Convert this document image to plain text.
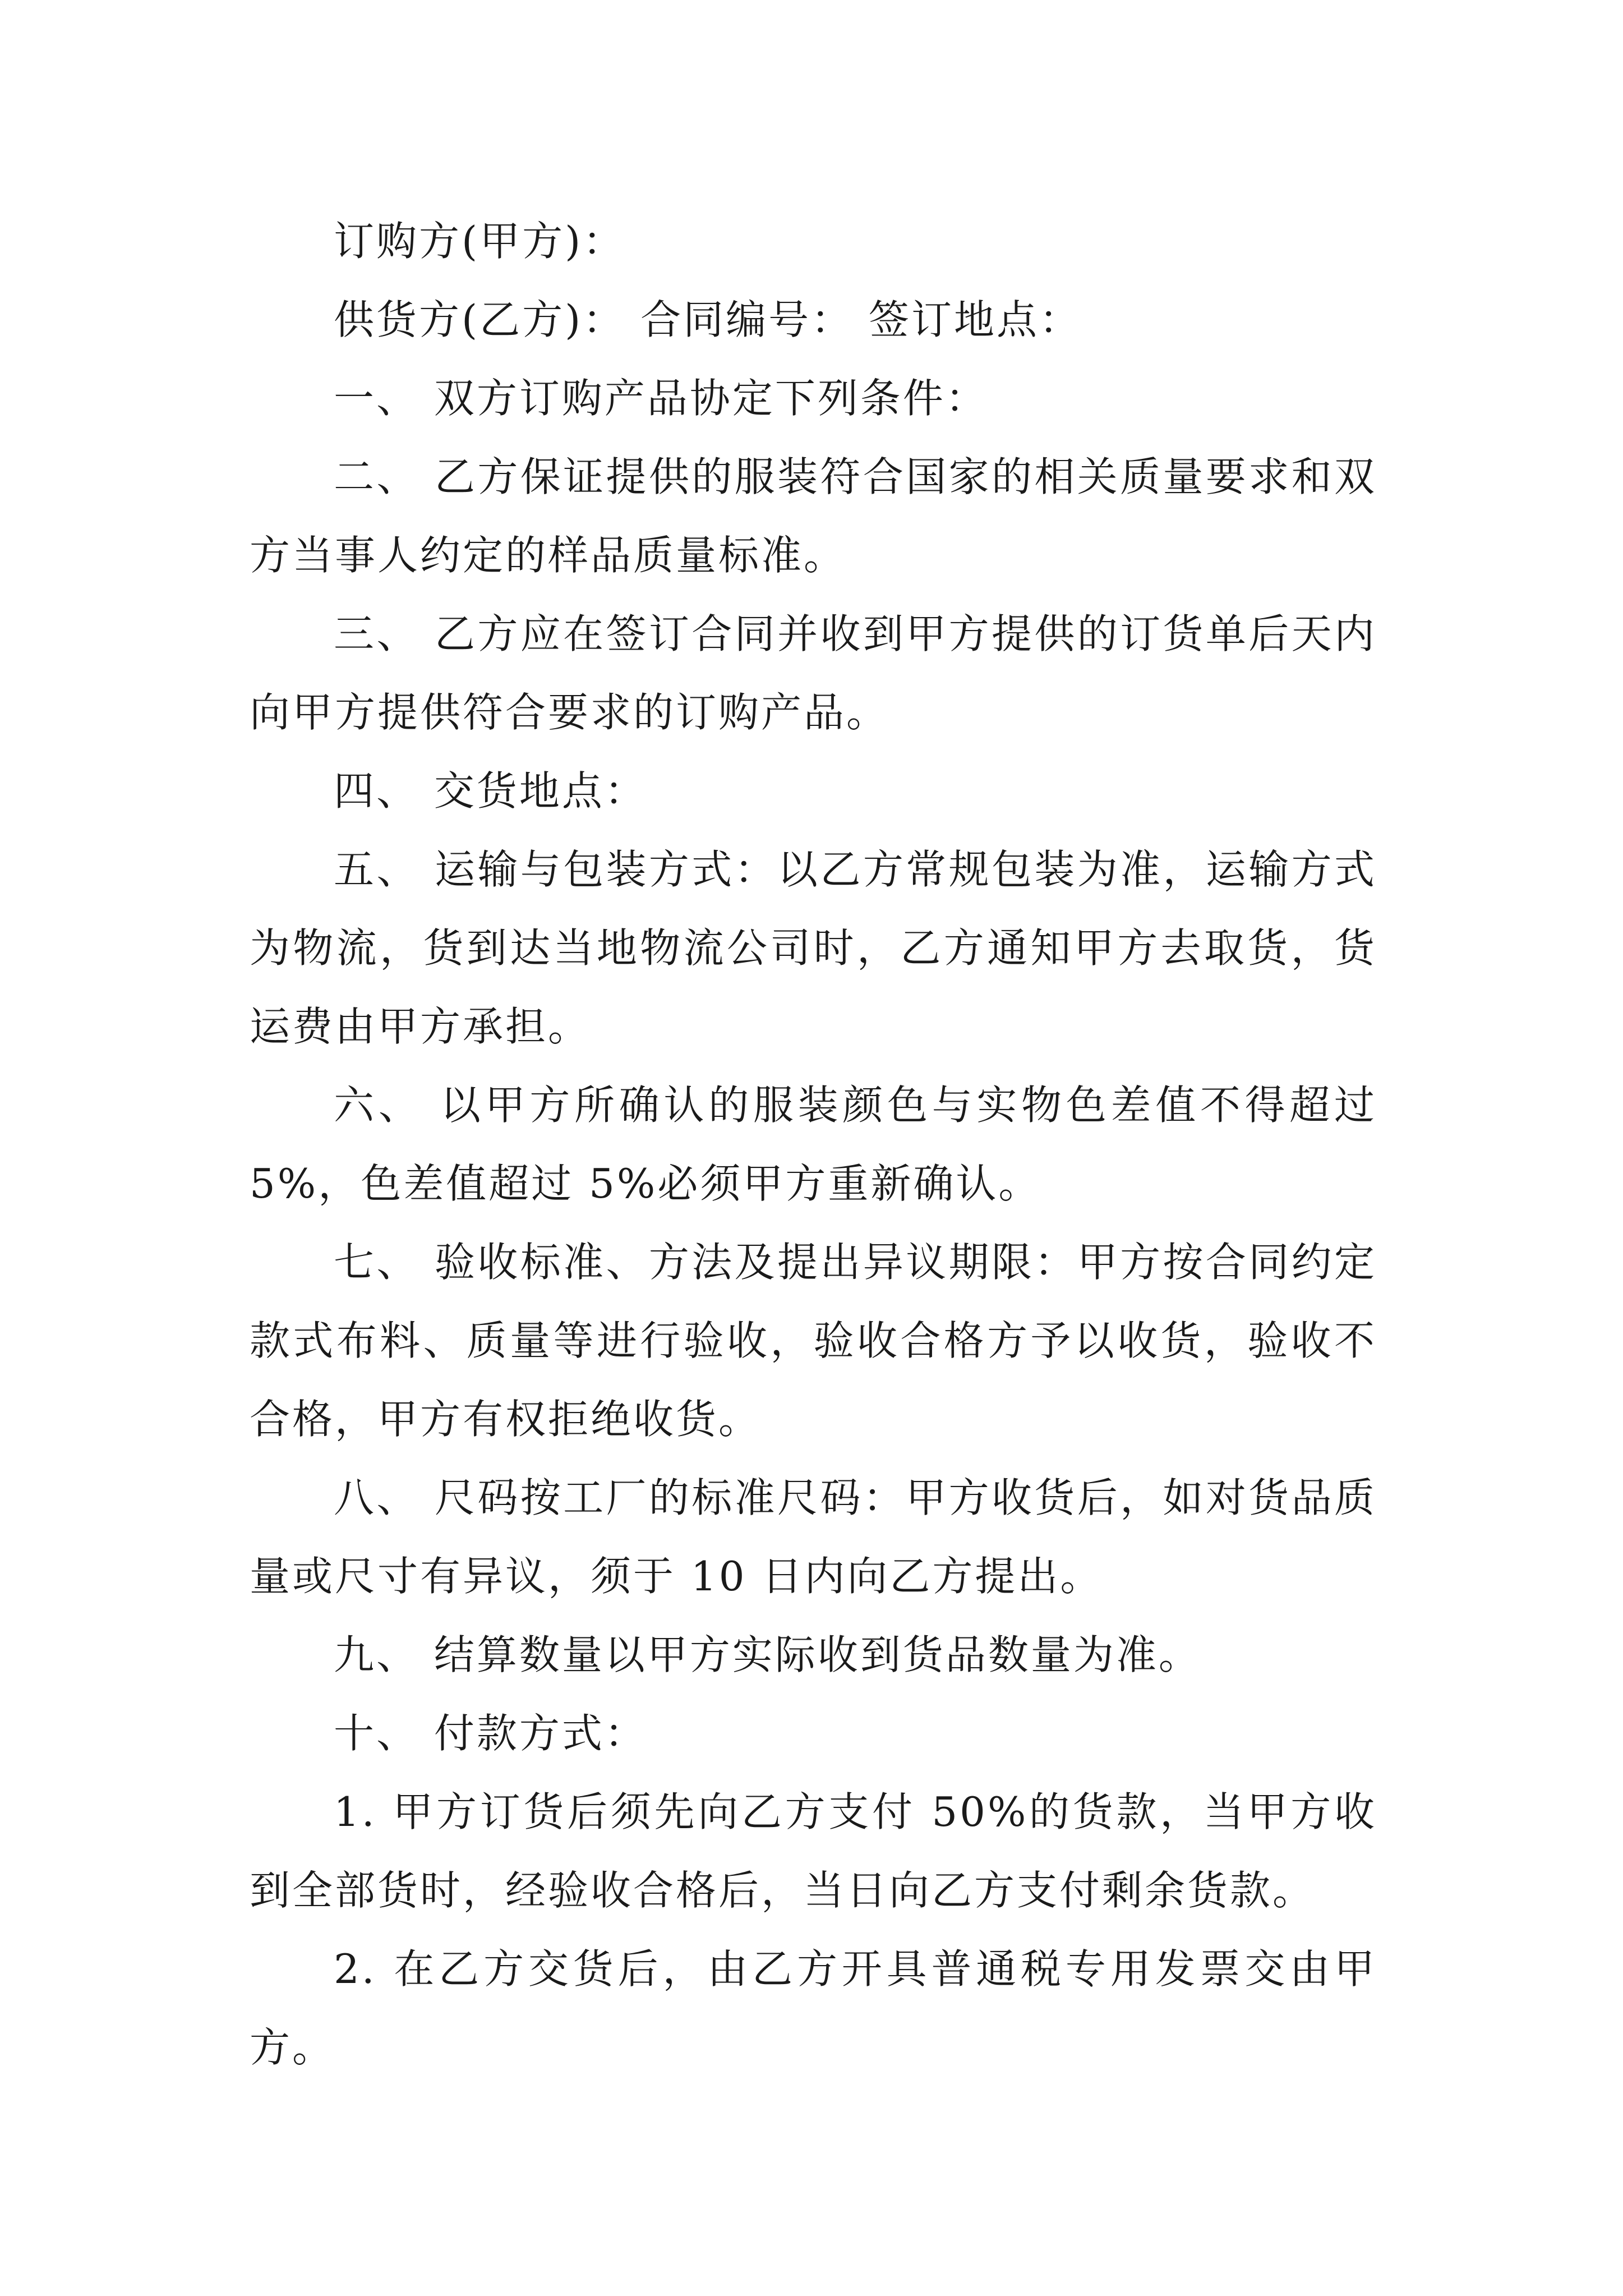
订购方(甲方)：

供货方(乙方)： 合同编号： 签订地点：

一、 双方订购产品协定下列条件：

二、 乙方保证提供的服装符合国家的相关质量要求和双方当事人约定的样品质量标准。

三、 乙方应在签订合同并收到甲方提供的订货单后天内向甲方提供符合要求的订购产品。

四、 交货地点：

五、 运输与包装方式：以乙方常规包装为准，运输方式为物流，货到达当地物流公司时，乙方通知甲方去取货，货运费由甲方承担。

六、 以甲方所确认的服装颜色与实物色差值不得超过5%，色差值超过 5%必须甲方重新确认。

七、 验收标准、方法及提出异议期限：甲方按合同约定款式布料、质量等进行验收，验收合格方予以收货，验收不合格，甲方有权拒绝收货。

八、 尺码按工厂的标准尺码：甲方收货后，如对货品质量或尺寸有异议，须于 10 日内向乙方提出。

九、 结算数量以甲方实际收到货品数量为准。

十、 付款方式：

1. 甲方订货后须先向乙方支付 50%的货款，当甲方收到全部货时，经验收合格后，当日向乙方支付剩余货款。

2. 在乙方交货后，由乙方开具普通税专用发票交由甲方。
